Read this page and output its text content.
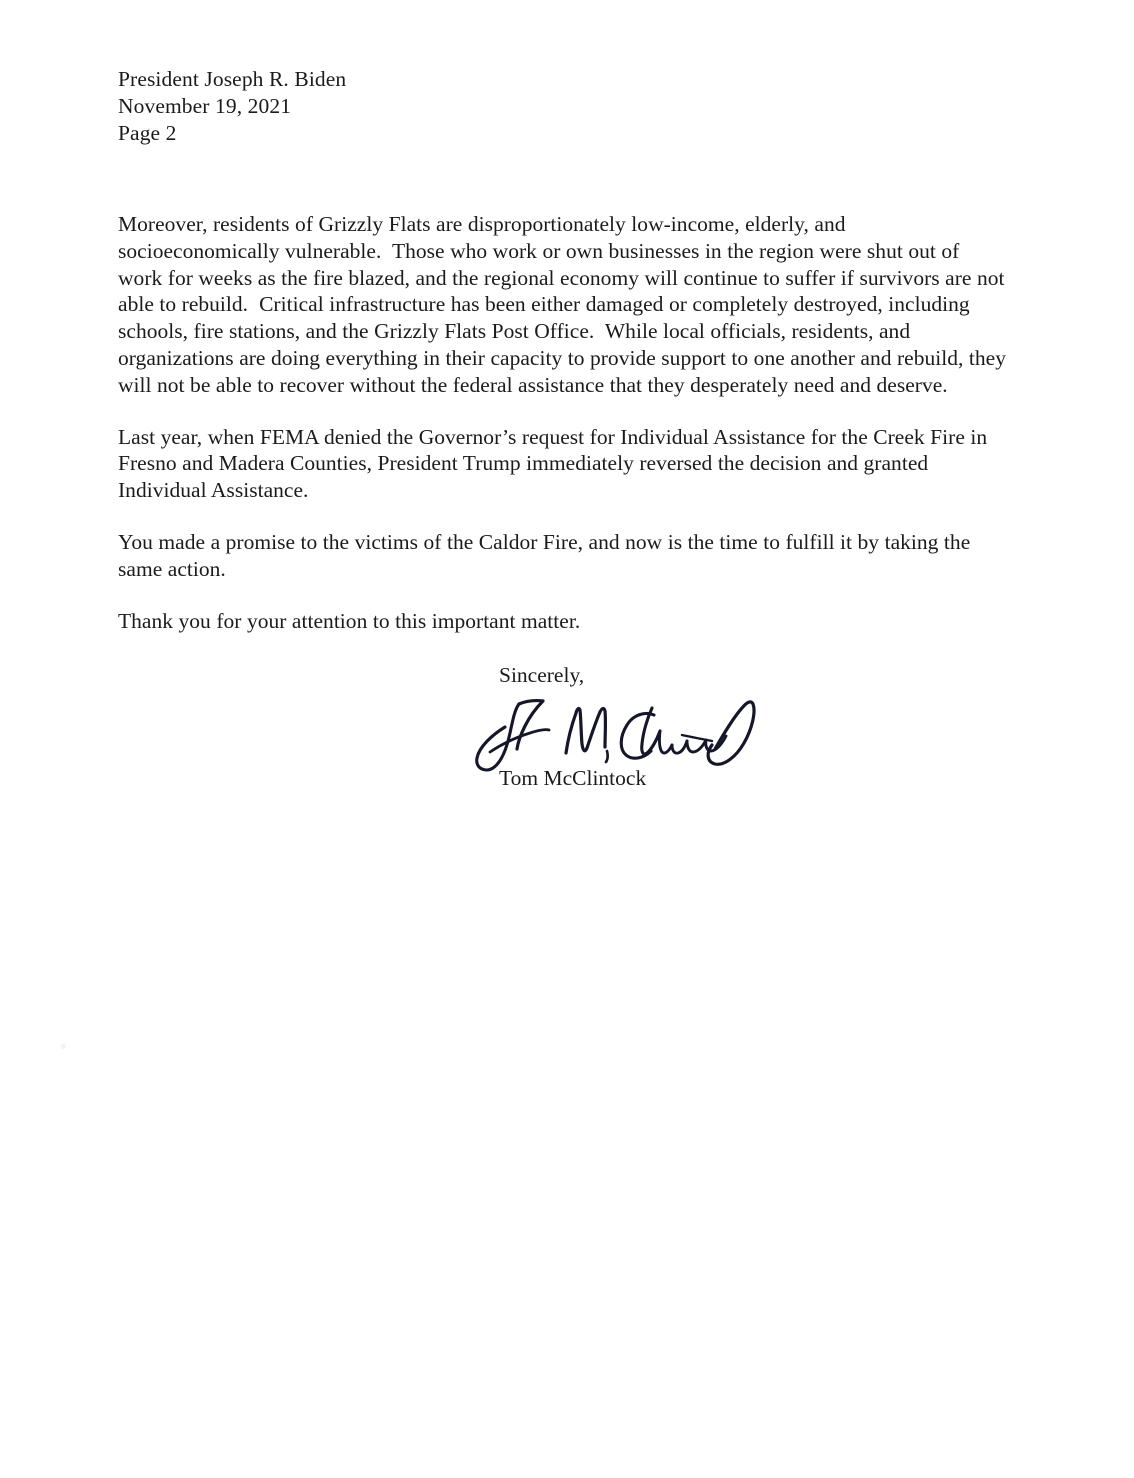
President Joseph R. Biden
November 19, 2021
Page 2

Moreover, residents of Grizzly Flats are disproportionately low-income, elderly, and socioeconomically vulnerable.  Those who work or own businesses in the region were shut out of work for weeks as the fire blazed, and the regional economy will continue to suffer if survivors are not able to rebuild.  Critical infrastructure has been either damaged or completely destroyed, including schools, fire stations, and the Grizzly Flats Post Office.  While local officials, residents, and organizations are doing everything in their capacity to provide support to one another and rebuild, they will not be able to recover without the federal assistance that they desperately need and deserve.

Last year, when FEMA denied the Governor’s request for Individual Assistance for the Creek Fire in Fresno and Madera Counties, President Trump immediately reversed the decision and granted Individual Assistance.

You made a promise to the victims of the Caldor Fire, and now is the time to fulfill it by taking the same action.

Thank you for your attention to this important matter.

Sincerely,
Tom McClintock
